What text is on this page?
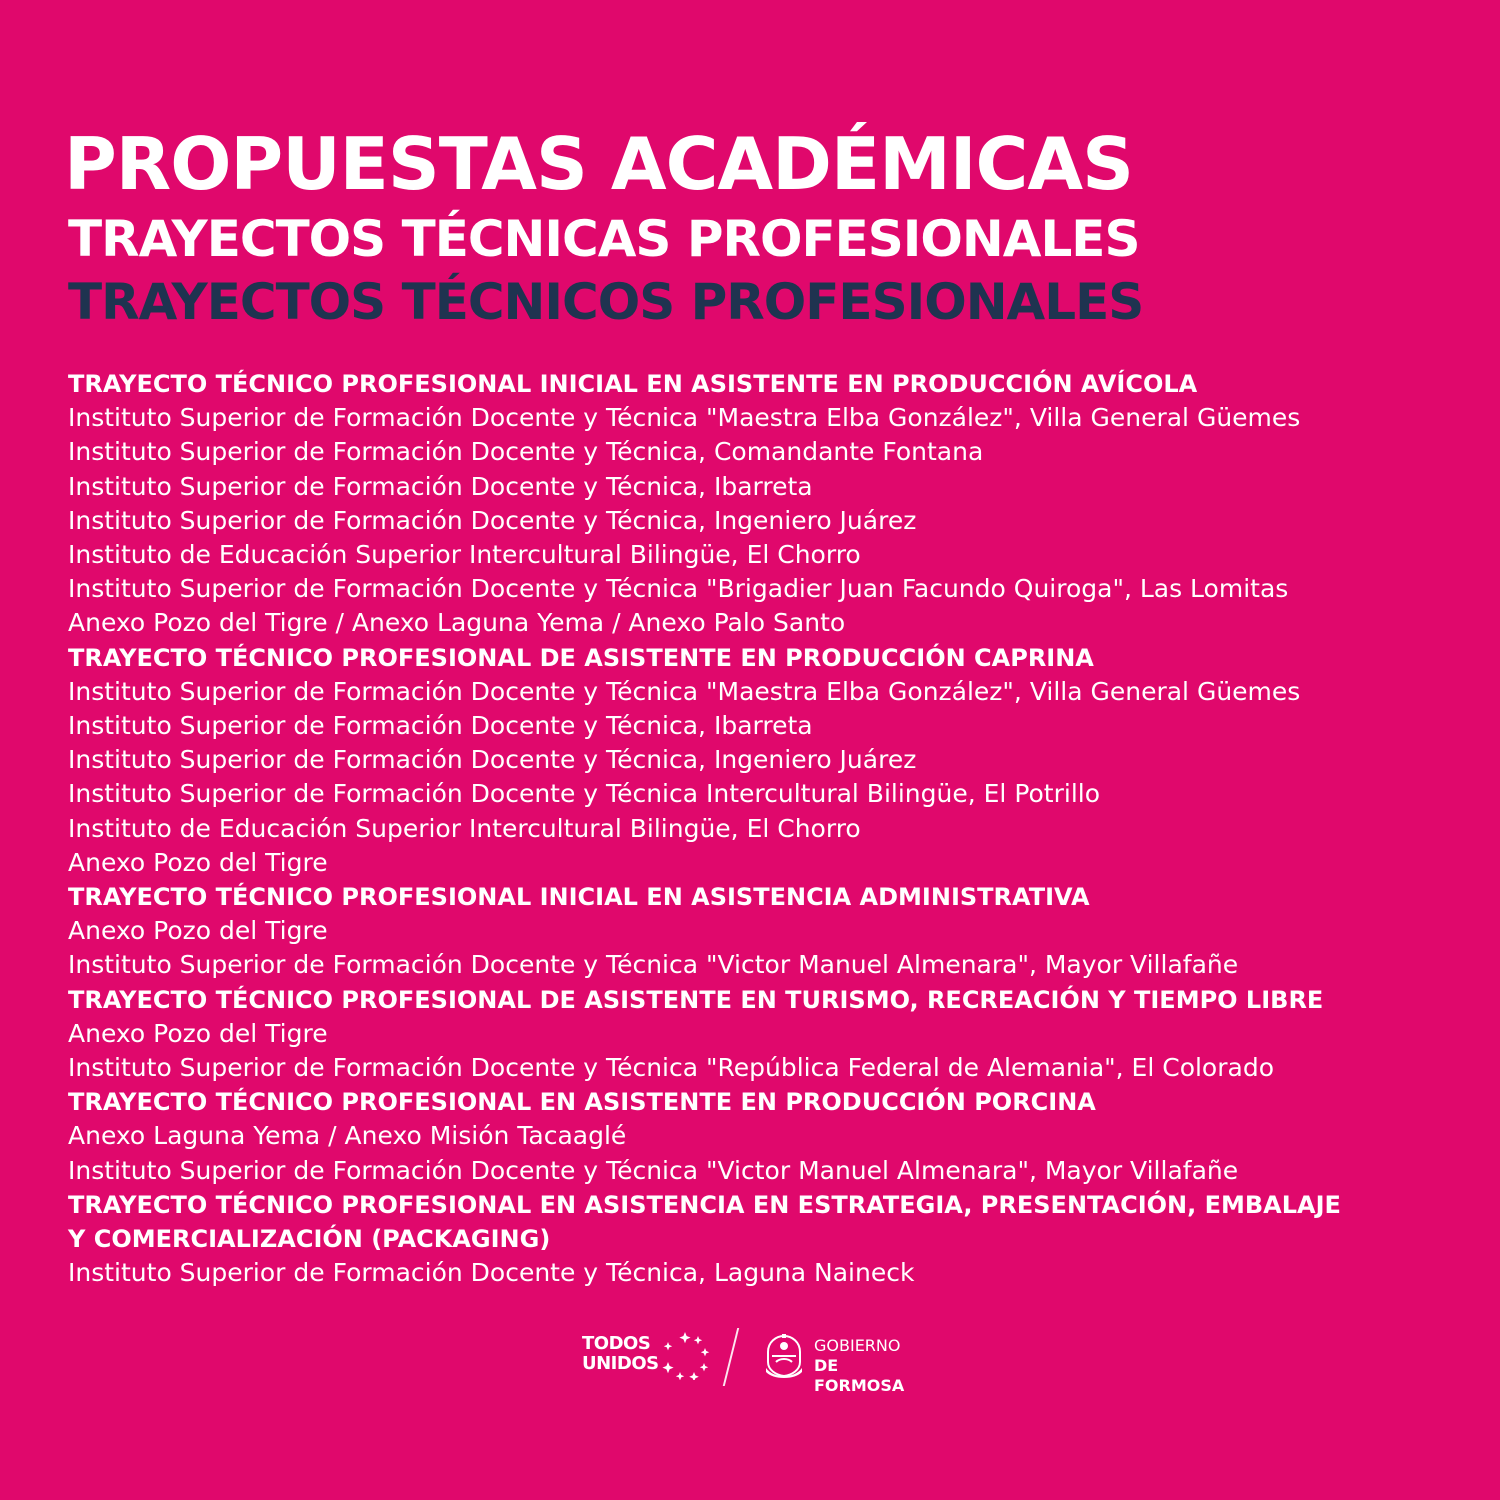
PROPUESTAS ACADÉMICAS
TRAYECTOS TÉCNICAS PROFESIONALES
TRAYECTOS TÉCNICOS PROFESIONALES
TRAYECTO TÉCNICO PROFESIONAL INICIAL EN ASISTENTE EN PRODUCCIÓN AVÍCOLA
Instituto Superior de Formación Docente y Técnica "Maestra Elba González", Villa General Güemes
Instituto Superior de Formación Docente y Técnica, Comandante Fontana
Instituto Superior de Formación Docente y Técnica, Ibarreta
Instituto Superior de Formación Docente y Técnica, Ingeniero Juárez
Instituto de Educación Superior Intercultural Bilingüe, El Chorro
Instituto Superior de Formación Docente y Técnica "Brigadier Juan Facundo Quiroga", Las Lomitas
Anexo Pozo del Tigre / Anexo Laguna Yema / Anexo Palo Santo
TRAYECTO TÉCNICO PROFESIONAL DE ASISTENTE EN PRODUCCIÓN CAPRINA
Instituto Superior de Formación Docente y Técnica "Maestra Elba González", Villa General Güemes
Instituto Superior de Formación Docente y Técnica, Ibarreta
Instituto Superior de Formación Docente y Técnica, Ingeniero Juárez
Instituto Superior de Formación Docente y Técnica Intercultural Bilingüe, El Potrillo
Instituto de Educación Superior Intercultural Bilingüe, El Chorro
Anexo Pozo del Tigre
TRAYECTO TÉCNICO PROFESIONAL INICIAL EN ASISTENCIA ADMINISTRATIVA
Anexo Pozo del Tigre
Instituto Superior de Formación Docente y Técnica "Victor Manuel Almenara", Mayor Villafañe
TRAYECTO TÉCNICO PROFESIONAL DE ASISTENTE EN TURISMO, RECREACIÓN Y TIEMPO LIBRE
Anexo Pozo del Tigre
Instituto Superior de Formación Docente y Técnica "República Federal de Alemania", El Colorado
TRAYECTO TÉCNICO PROFESIONAL EN ASISTENTE EN PRODUCCIÓN PORCINA
Anexo Laguna Yema / Anexo Misión Tacaaglé
Instituto Superior de Formación Docente y Técnica "Victor Manuel Almenara", Mayor Villafañe
TRAYECTO TÉCNICO PROFESIONAL EN ASISTENCIA EN ESTRATEGIA, PRESENTACIÓN, EMBALAJE
Y COMERCIALIZACIÓN (PACKAGING)
Instituto Superior de Formación Docente y Técnica, Laguna Naineck
TODOS
UNIDOS
GOBIERNO
DE FORMOSA
